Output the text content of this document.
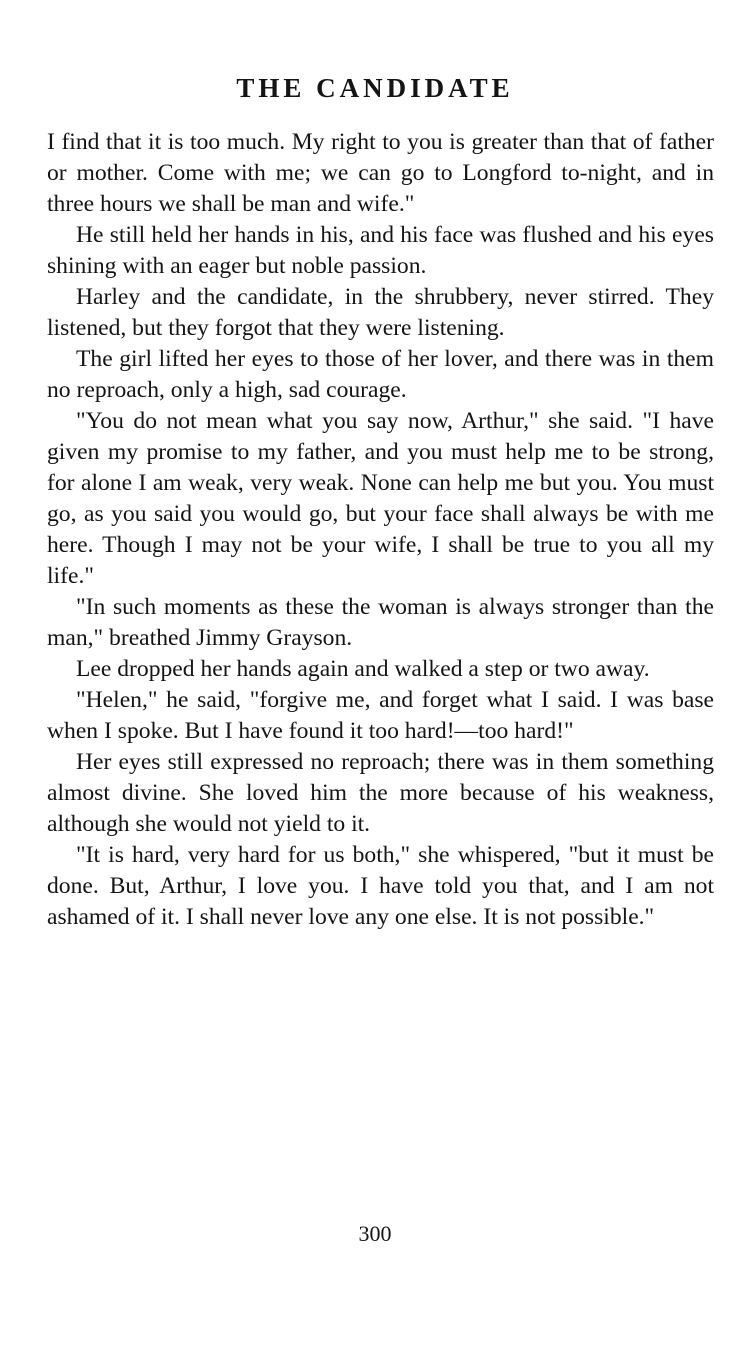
THE CANDIDATE

I find that it is too much. My right to you is greater than that of father or mother. Come with me; we can go to Longford to-night, and in three hours we shall be man and wife."

He still held her hands in his, and his face was flushed and his eyes shining with an eager but noble passion.

Harley and the candidate, in the shrubbery, never stirred. They listened, but they forgot that they were listening.

The girl lifted her eyes to those of her lover, and there was in them no reproach, only a high, sad courage.

"You do not mean what you say now, Arthur," she said. "I have given my promise to my father, and you must help me to be strong, for alone I am weak, very weak. None can help me but you. You must go, as you said you would go, but your face shall always be with me here. Though I may not be your wife, I shall be true to you all my life."

"In such moments as these the woman is always stronger than the man," breathed Jimmy Grayson.

Lee dropped her hands again and walked a step or two away.

"Helen," he said, "forgive me, and forget what I said. I was base when I spoke. But I have found it too hard!—too hard!"

Her eyes still expressed no reproach; there was in them something almost divine. She loved him the more because of his weakness, although she would not yield to it.

"It is hard, very hard for us both," she whispered, "but it must be done. But, Arthur, I love you. I have told you that, and I am not ashamed of it. I shall never love any one else. It is not possible."

300
